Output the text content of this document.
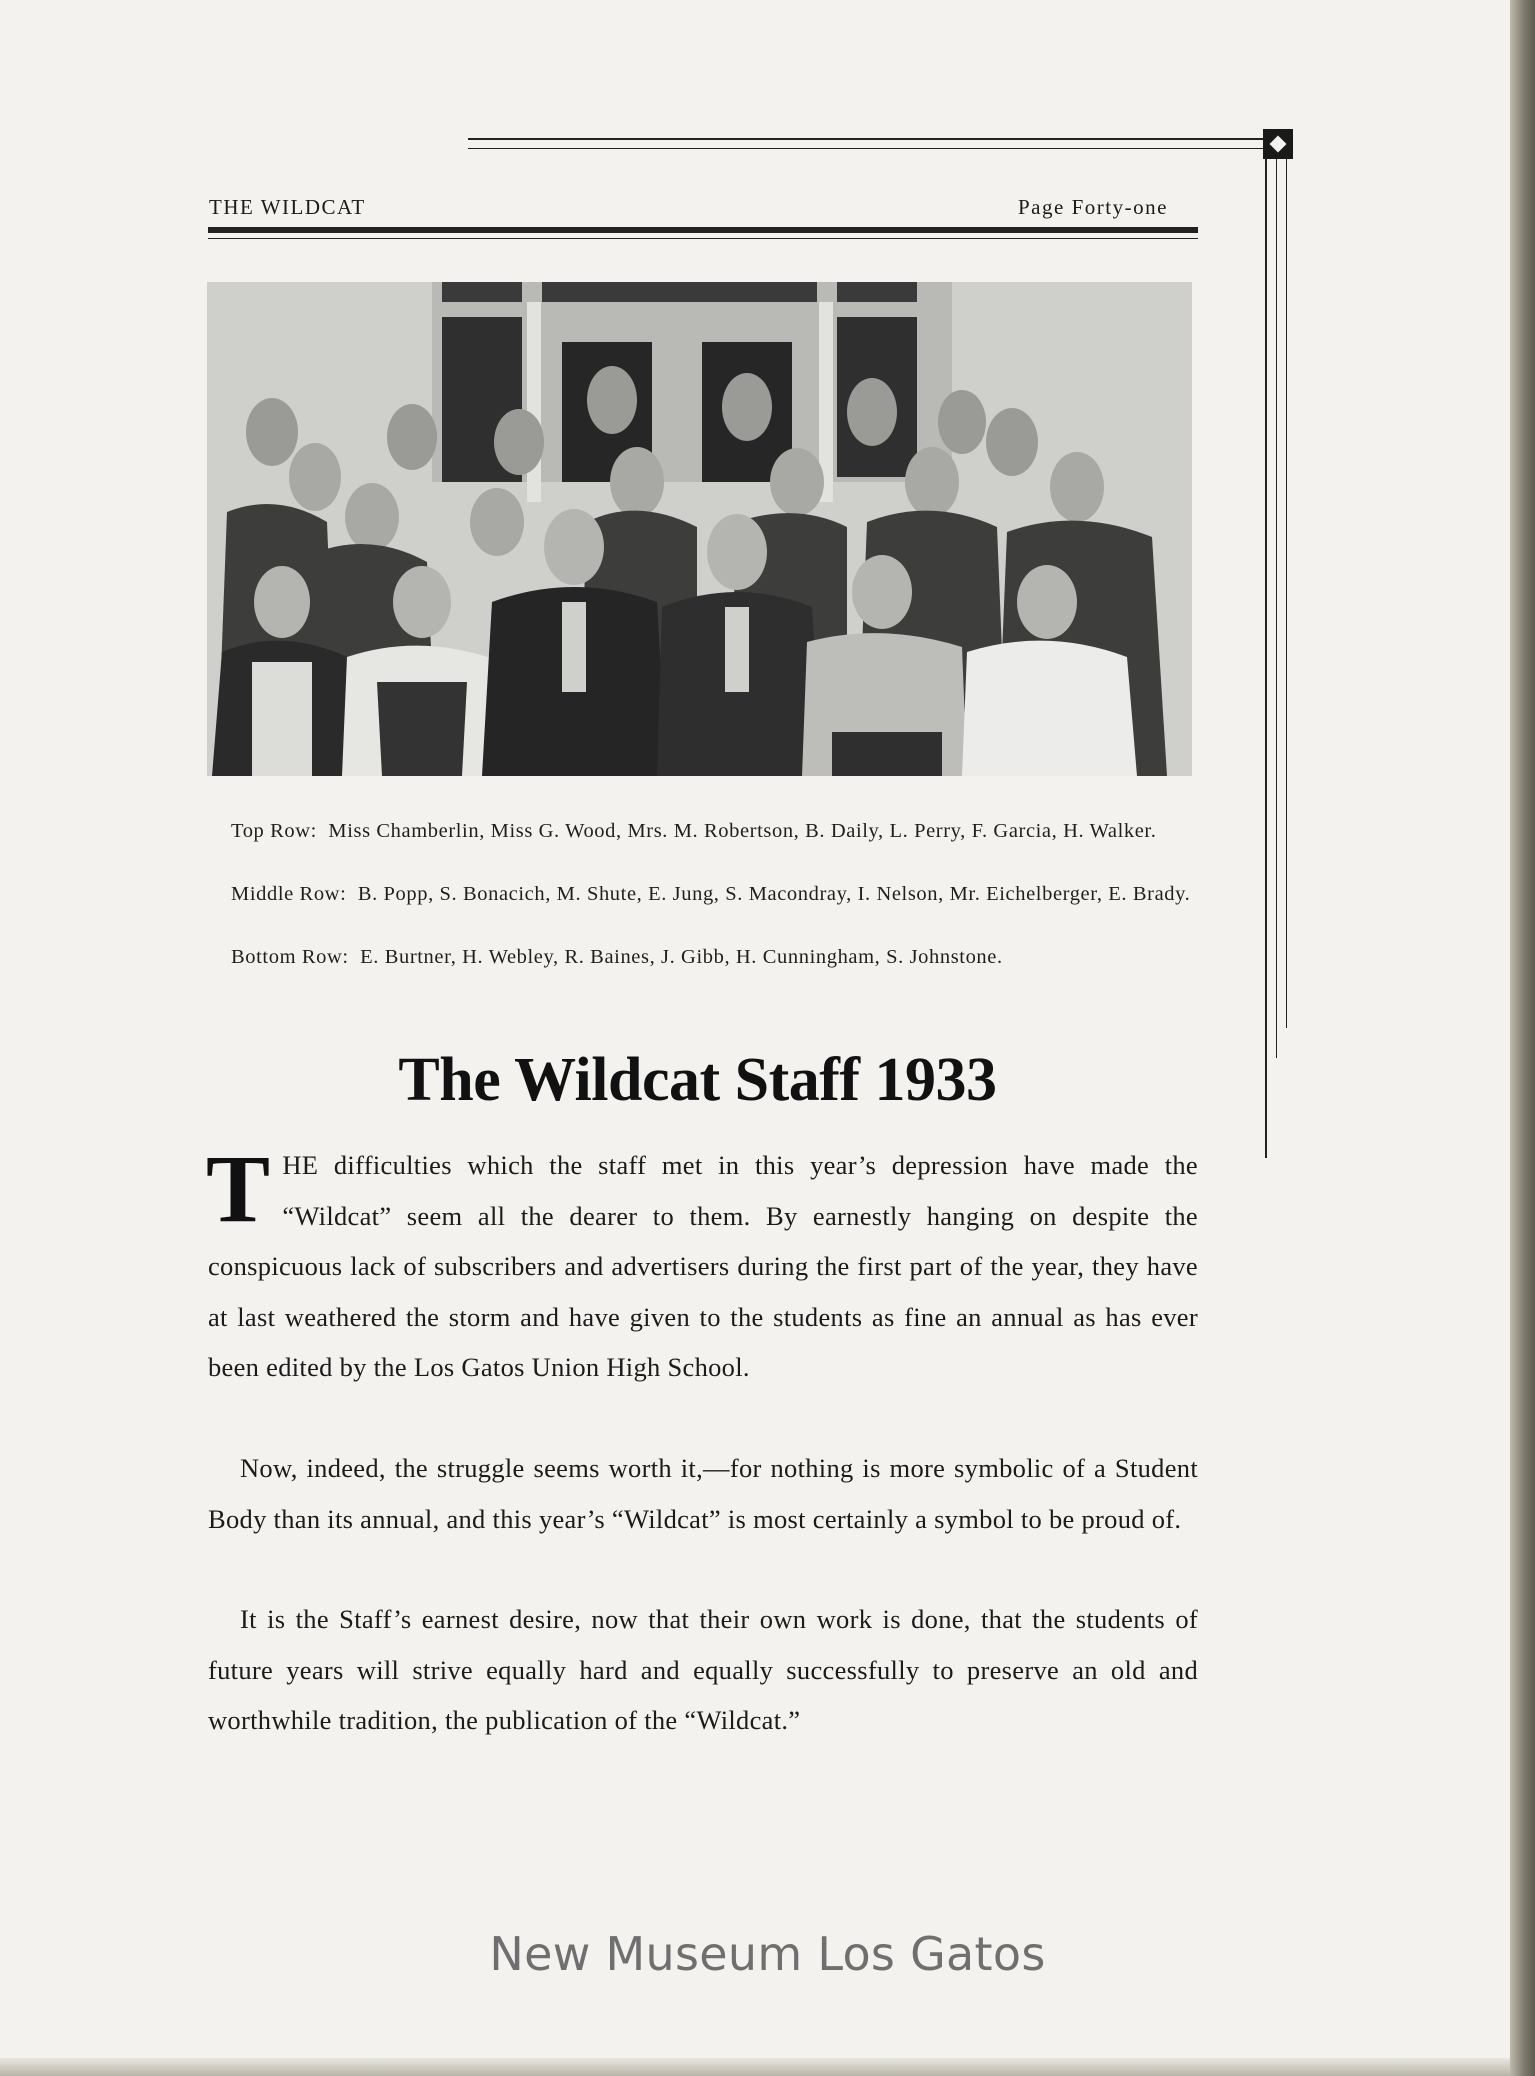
THE WILDCAT	Page Forty-one

Top Row: Miss Chamberlin, Miss G. Wood, Mrs. M. Robertson, B. Daily, L. Perry, F. Garcia, H. Walker.

Middle Row: B. Popp, S. Bonacich, M. Shute, E. Jung, S. Macondray, I. Nelson, Mr. Eichelberger, E. Brady.

Bottom Row: E. Burtner, H. Webley, R. Baines, J. Gibb, H. Cunningham, S. Johnstone.

The Wildcat Staff 1933

THE difficulties which the staff met in this year’s depression have made the “Wildcat” seem all the dearer to them. By earnestly hanging on despite the conspicuous lack of subscribers and advertisers during the first part of the year, they have at last weathered the storm and have given to the students as fine an annual as has ever been edited by the Los Gatos Union High School.

Now, indeed, the struggle seems worth it,—for nothing is more symbolic of a Student Body than its annual, and this year’s “Wildcat” is most certainly a symbol to be proud of.

It is the Staff’s earnest desire, now that their own work is done, that the students of future years will strive equally hard and equally successfully to preserve an old and worthwhile tradition, the publication of the “Wildcat.”

New Museum Los Gatos
